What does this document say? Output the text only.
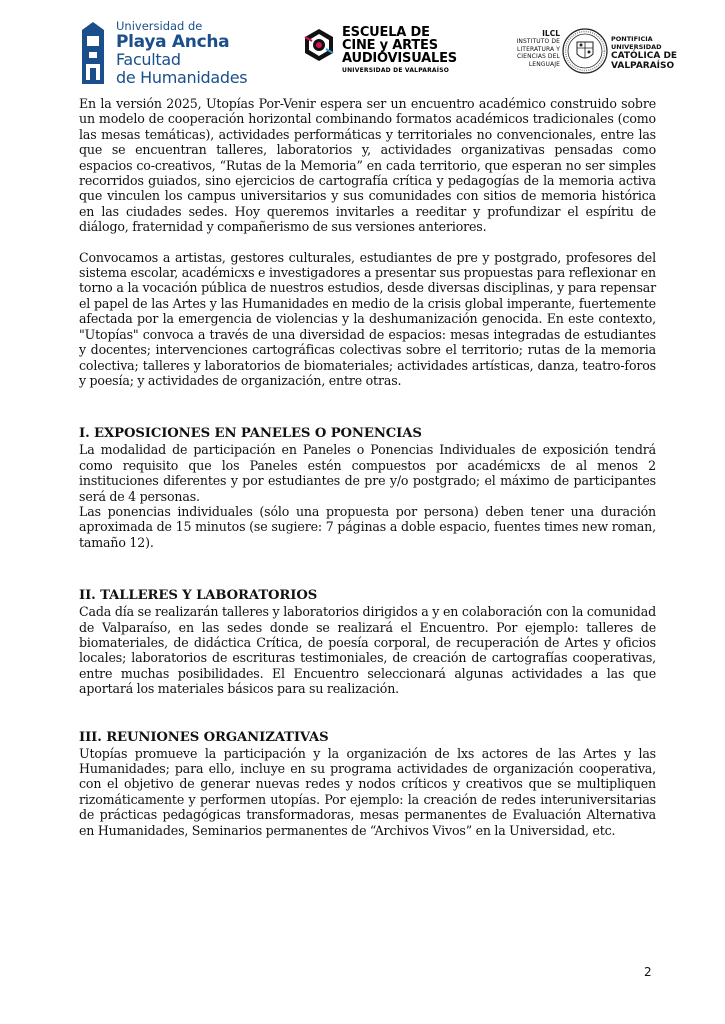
Universidad de
Playa Ancha
Facultad
de Humanidades
ESCUELA DE
CINE y ARTES
AUDIOVISUALES
UNIVERSIDAD DE VALPARAÍSO
ILCL
INSTITUTO DE
LITERATURA Y
CIENCIAS DEL
LENGUAJE
PONTIFICIA
UNIVERSIDAD
CATÓLICA DE
VALPARAÍSO

En la versión 2025, Utopías Por-Venir espera ser un encuentro académico construido sobre un modelo de cooperación horizontal combinando formatos académicos tradicionales (como las mesas temáticas), actividades performáticas y territoriales no convencionales, entre las que se encuentran talleres, laboratorios y, actividades organizativas pensadas como espacios co-creativos, “Rutas de la Memoria” en cada territorio, que esperan no ser simples recorridos guiados, sino ejercicios de cartografía crítica y pedagogías de la memoria activa que vinculen los campus universitarios y sus comunidades con sitios de memoria histórica en las ciudades sedes. Hoy queremos invitarles a reeditar y profundizar el espíritu de diálogo, fraternidad y compañerismo de sus versiones anteriores.

Convocamos a artistas, gestores culturales, estudiantes de pre y postgrado, profesores del sistema escolar, académicxs e investigadores a presentar sus propuestas para reflexionar en torno a la vocación pública de nuestros estudios, desde diversas disciplinas, y para repensar el papel de las Artes y las Humanidades en medio de la crisis global imperante, fuertemente afectada por la emergencia de violencias y la deshumanización genocida. En este contexto, "Utopías" convoca a través de una diversidad de espacios: mesas integradas de estudiantes y docentes; intervenciones cartográficas colectivas sobre el territorio; rutas de la memoria colectiva; talleres y laboratorios de biomateriales; actividades artísticas, danza, teatro-foros y poesía; y actividades de organización, entre otras.

I. EXPOSICIONES EN PANELES O PONENCIAS

La modalidad de participación en Paneles o Ponencias Individuales de exposición tendrá como requisito que los Paneles estén compuestos por académicxs de al menos 2 instituciones diferentes y por estudiantes de pre y/o postgrado; el máximo de participantes será de 4 personas.

Las ponencias individuales (sólo una propuesta por persona) deben tener una duración aproximada de 15 minutos (se sugiere: 7 páginas a doble espacio, fuentes times new roman, tamaño 12).

II. TALLERES Y LABORATORIOS

Cada día se realizarán talleres y laboratorios dirigidos a y en colaboración con la comunidad de Valparaíso, en las sedes donde se realizará el Encuentro. Por ejemplo: talleres de biomateriales, de didáctica Crítica, de poesía corporal, de recuperación de Artes y oficios locales; laboratorios de escrituras testimoniales, de creación de cartografías cooperativas, entre muchas posibilidades. El Encuentro seleccionará algunas actividades a las que aportará los materiales básicos para su realización.

III. REUNIONES ORGANIZATIVAS

Utopías promueve la participación y la organización de lxs actores de las Artes y las Humanidades; para ello, incluye en su programa actividades de organización cooperativa, con el objetivo de generar nuevas redes y nodos críticos y creativos que se multipliquen rizomáticamente y performen utopías. Por ejemplo: la creación de redes interuniversitarias de prácticas pedagógicas transformadoras, mesas permanentes de Evaluación Alternativa en Humanidades, Seminarios permanentes de “Archivos Vivos” en la Universidad, etc.

2
